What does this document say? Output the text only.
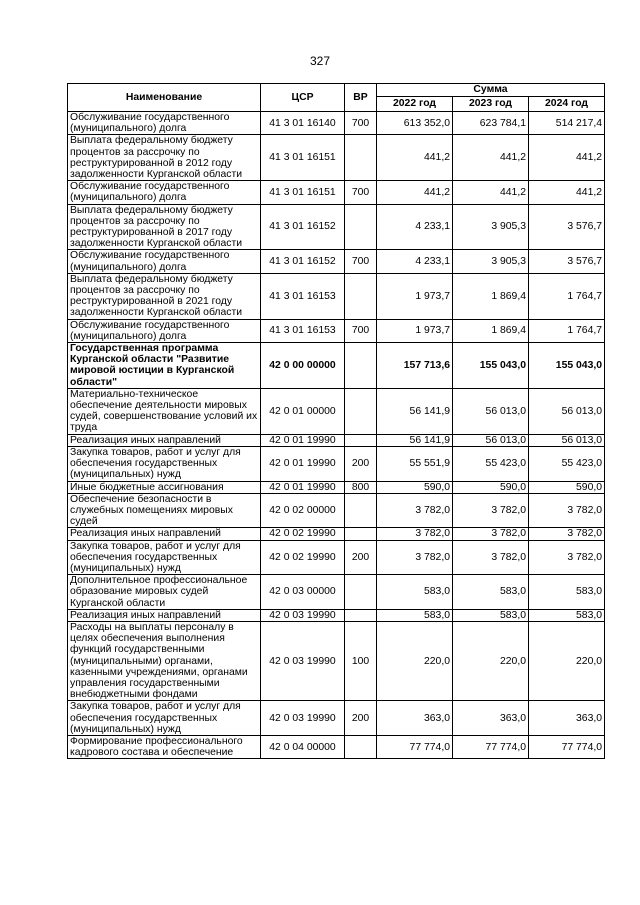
327
Наименование	ЦСР	ВР	Сумма		
			2022 год	2023 год	2024 год
Обслуживание государственного (муниципального) долга	41 3 01 16140	700	613 352,0	623 784,1	514 217,4
Выплата федеральному бюджету процентов за рассрочку по реструктурированной в 2012 году задолженности Курганской области	41 3 01 16151		441,2	441,2	441,2
Обслуживание государственного (муниципального) долга	41 3 01 16151	700	441,2	441,2	441,2
Выплата федеральному бюджету процентов за рассрочку по реструктурированной в 2017 году задолженности Курганской области	41 3 01 16152		4 233,1	3 905,3	3 576,7
Обслуживание государственного (муниципального) долга	41 3 01 16152	700	4 233,1	3 905,3	3 576,7
Выплата федеральному бюджету процентов за рассрочку по реструктурированной в 2021 году задолженности Курганской области	41 3 01 16153		1 973,7	1 869,4	1 764,7
Обслуживание государственного (муниципального) долга	41 3 01 16153	700	1 973,7	1 869,4	1 764,7
Государственная программа Курганской области "Развитие мировой юстиции в Курганской области"	42 0 00 00000		157 713,6	155 043,0	155 043,0
Материально-техническое обеспечение деятельности мировых судей, совершенствование условий их труда	42 0 01 00000		56 141,9	56 013,0	56 013,0
Реализация иных направлений	42 0 01 19990		56 141,9	56 013,0	56 013,0
Закупка товаров, работ и услуг для обеспечения государственных (муниципальных) нужд	42 0 01 19990	200	55 551,9	55 423,0	55 423,0
Иные бюджетные ассигнования	42 0 01 19990	800	590,0	590,0	590,0
Обеспечение безопасности в служебных помещениях мировых судей	42 0 02 00000		3 782,0	3 782,0	3 782,0
Реализация иных направлений	42 0 02 19990		3 782,0	3 782,0	3 782,0
Закупка товаров, работ и услуг для обеспечения государственных (муниципальных) нужд	42 0 02 19990	200	3 782,0	3 782,0	3 782,0
Дополнительное профессиональное образование мировых судей Курганской области	42 0 03 00000		583,0	583,0	583,0
Реализация иных направлений	42 0 03 19990		583,0	583,0	583,0
Расходы на выплаты персоналу в целях обеспечения выполнения функций государственными (муниципальными) органами, казенными учреждениями, органами управления государственными внебюджетными фондами	42 0 03 19990	100	220,0	220,0	220,0
Закупка товаров, работ и услуг для обеспечения государственных (муниципальных) нужд	42 0 03 19990	200	363,0	363,0	363,0
Формирование профессионального кадрового состава и обеспечение	42 0 04 00000		77 774,0	77 774,0	77 774,0
